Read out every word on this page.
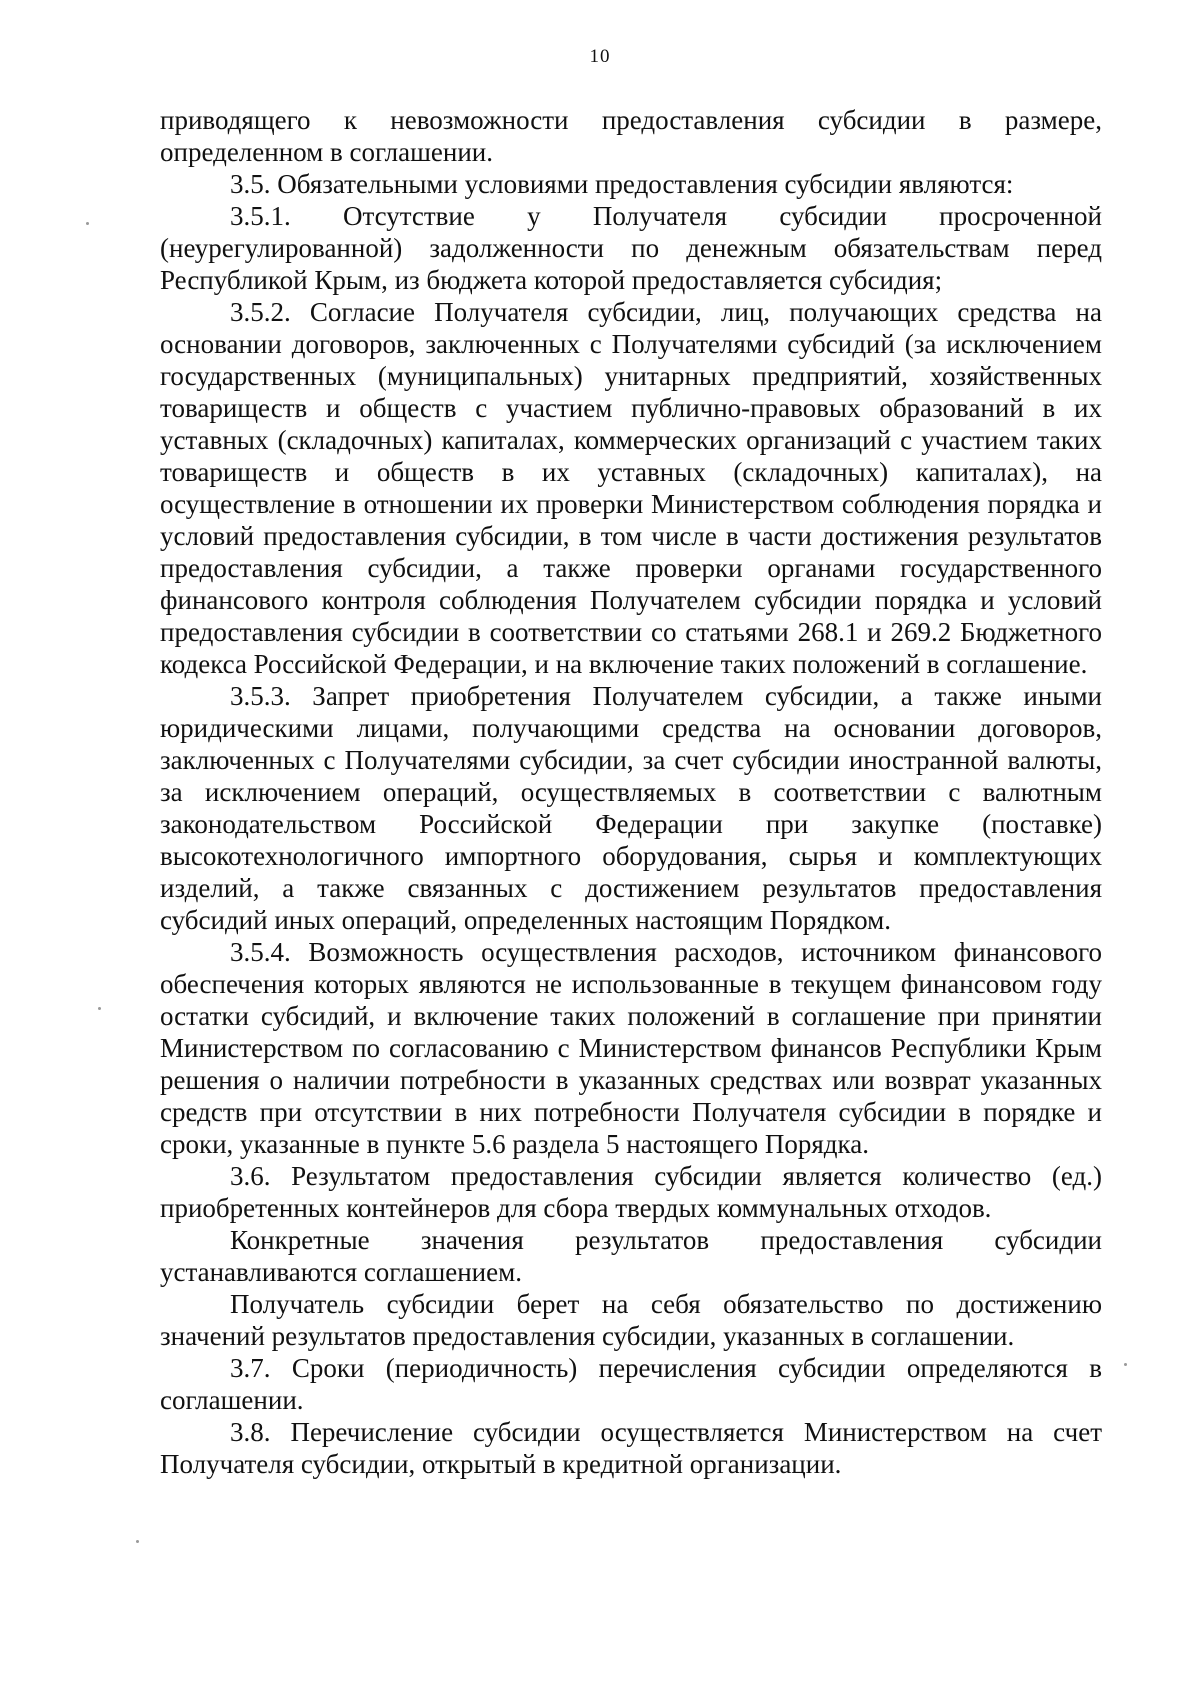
10

приводящего к невозможности предоставления субсидии в размере, определенном в соглашении.

3.5. Обязательными условиями предоставления субсидии являются:

3.5.1. Отсутствие у Получателя субсидии просроченной (неурегулированной) задолженности по денежным обязательствам перед Республикой Крым, из бюджета которой предоставляется субсидия;

3.5.2. Согласие Получателя субсидии, лиц, получающих средства на основании договоров, заключенных с Получателями субсидий (за исключением государственных (муниципальных) унитарных предприятий, хозяйственных товариществ и обществ с участием публично-правовых образований в их уставных (складочных) капиталах, коммерческих организаций с участием таких товариществ и обществ в их уставных (складочных) капиталах), на осуществление в отношении их проверки Министерством соблюдения порядка и условий предоставления субсидии, в том числе в части достижения результатов предоставления субсидии, а также проверки органами государственного финансового контроля соблюдения Получателем субсидии порядка и условий предоставления субсидии в соответствии со статьями 268.1 и 269.2 Бюджетного кодекса Российской Федерации, и на включение таких положений в соглашение.

3.5.3. Запрет приобретения Получателем субсидии, а также иными юридическими лицами, получающими средства на основании договоров, заключенных с Получателями субсидии, за счет субсидии иностранной валюты, за исключением операций, осуществляемых в соответствии с валютным законодательством Российской Федерации при закупке (поставке) высокотехнологичного импортного оборудования, сырья и комплектующих изделий, а также связанных с достижением результатов предоставления субсидий иных операций, определенных настоящим Порядком.

3.5.4. Возможность осуществления расходов, источником финансового обеспечения которых являются не использованные в текущем финансовом году остатки субсидий, и включение таких положений в соглашение при принятии Министерством по согласованию с Министерством финансов Республики Крым решения о наличии потребности в указанных средствах или возврат указанных средств при отсутствии в них потребности Получателя субсидии в порядке и сроки, указанные в пункте 5.6 раздела 5 настоящего Порядка.

3.6. Результатом предоставления субсидии является количество (ед.) приобретенных контейнеров для сбора твердых коммунальных отходов.

Конкретные значения результатов предоставления субсидии устанавливаются соглашением.

Получатель субсидии берет на себя обязательство по достижению значений результатов предоставления субсидии, указанных в соглашении.

3.7. Сроки (периодичность) перечисления субсидии определяются в соглашении.

3.8. Перечисление субсидии осуществляется Министерством на счет Получателя субсидии, открытый в кредитной организации.
